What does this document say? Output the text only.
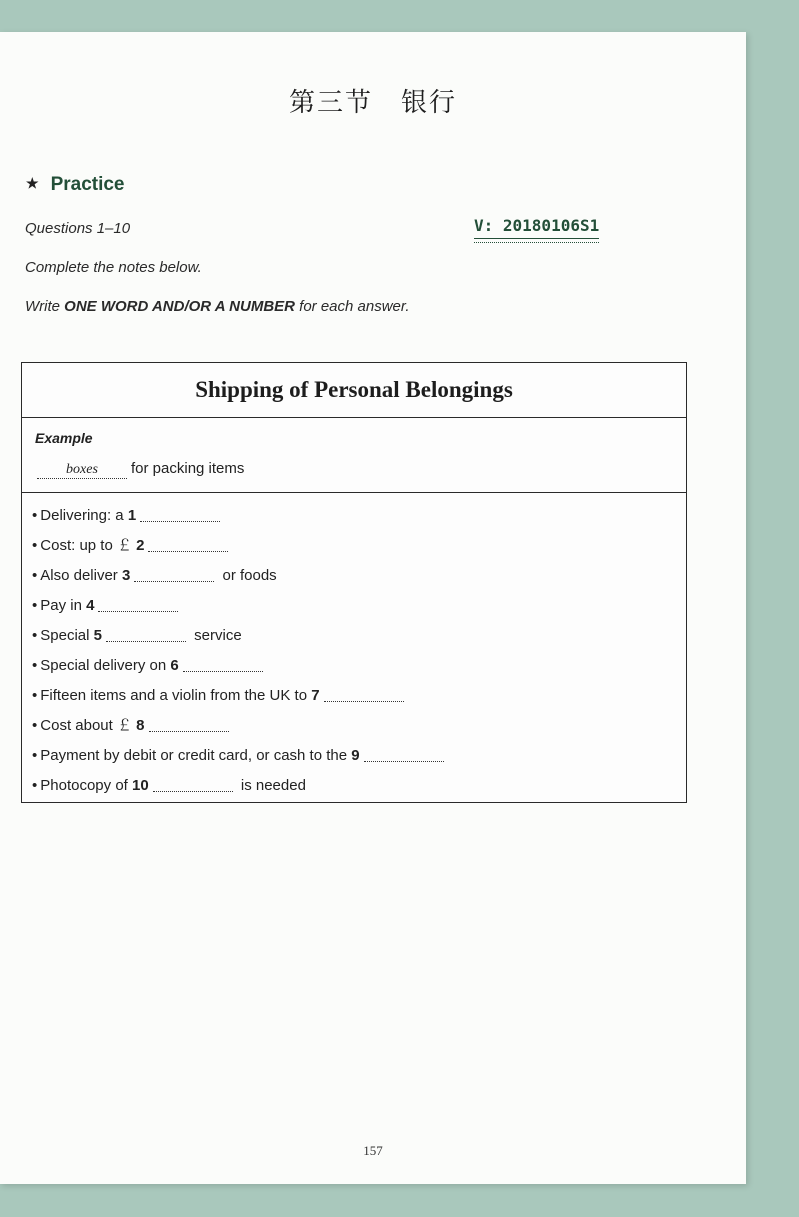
第三节　银行
★ Practice
Questions 1–10	V: 20180106S1
Complete the notes below.
Write ONE WORD AND/OR A NUMBER for each answer.
Shipping of Personal Belongings
Example
boxes for packing items
• Delivering: a 1
• Cost: up to ￡ 2
• Also deliver 3	or foods
• Pay in 4
• Special 5	service
• Special delivery on 6
• Fifteen items and a violin from the UK to 7
• Cost about ￡ 8
• Payment by debit or credit card, or cash to the 9
• Photocopy of 10	is needed
157
